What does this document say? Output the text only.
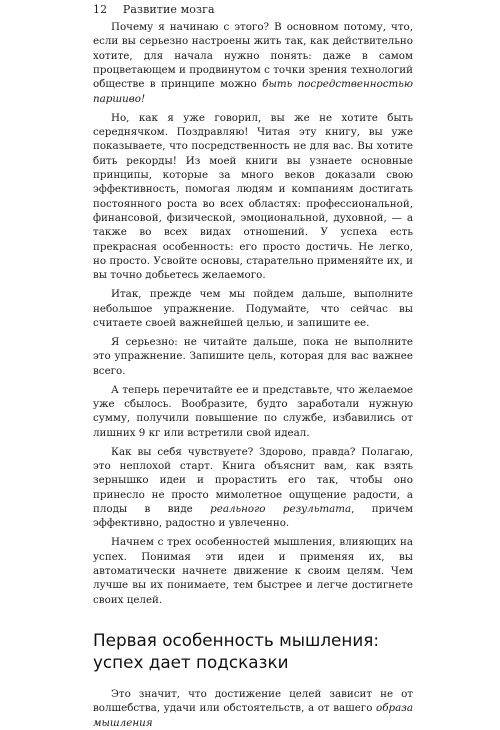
12 Развитие мозга

Почему я начинаю с этого? В основном потому, что, если вы серьезно настроены жить так, как действительно хотите, для начала нужно понять: даже в самом процветающем и продвинутом с точки зрения технологий обществе в принципе можно быть посредственностью паршиво!

Но, как я уже говорил, вы же не хотите быть середнячком. Поздравляю! Читая эту книгу, вы уже показываете, что посредственность не для вас. Вы хотите бить рекорды! Из моей книги вы узнаете основные принципы, которые за много веков доказали свою эффективность, помогая людям и компаниям достигать постоянного роста во всех областях: профессиональной, финансовой, физической, эмоциональной, духовной, — а также во всех видах отношений. У успеха есть прекрасная особенность: его просто достичь. Не легко, но просто. Усвойте основы, старательно применяйте их, и вы точно добьетесь желаемого.

Итак, прежде чем мы пойдем дальше, выполните небольшое упражнение. Подумайте, что сейчас вы считаете своей важнейшей целью, и запишите ее.

Я серьезно: не читайте дальше, пока не выполните это упражнение. Запишите цель, которая для вас важнее всего.

А теперь перечитайте ее и представьте, что желаемое уже сбылось. Вообразите, будто заработали нужную сумму, получили повышение по службе, избавились от лишних 9 кг или встретили свой идеал.

Как вы себя чувствуете? Здорово, правда? Полагаю, это неплохой старт. Книга объяснит вам, как взять зернышко идеи и прорастить его так, чтобы оно принесло не просто мимолетное ощущение радости, а плоды в виде реального результата, причем эффективно, радостно и увлеченно.

Начнем с трех особенностей мышления, влияющих на успех. Понимая эти идеи и применяя их, вы автоматически начнете движение к своим целям. Чем лучше вы их понимаете, тем быстрее и легче достигнете своих целей.

Первая особенность мышления: успех дает подсказки

Это значит, что достижение целей зависит не от волшебства, удачи или обстоятельств, а от вашего образа мышления
